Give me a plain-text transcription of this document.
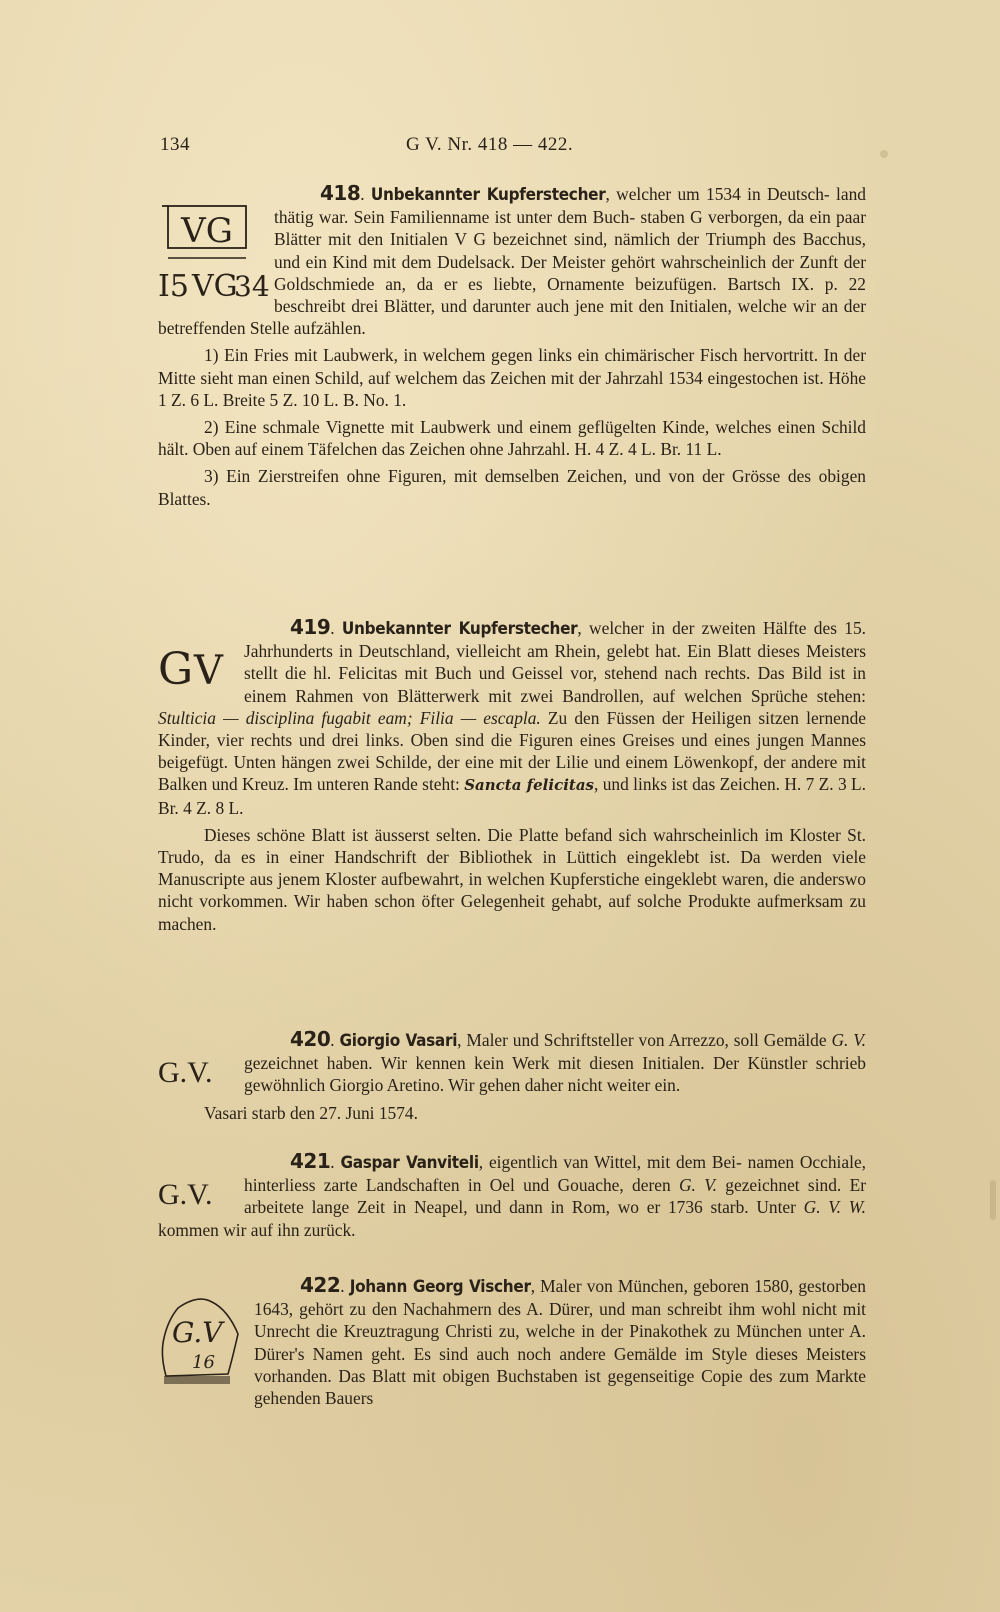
134	G V. Nr. 418 — 422.
VG
I5 VG
34

418. Unbekannter Kupferstecher, welcher um 1534 in Deutsch- land thätig war. Sein Familienname ist unter dem Buch- staben G verborgen, da ein paar Blätter mit den Initialen V G bezeichnet sind, nämlich der Triumph des Bacchus, und ein Kind mit dem Dudelsack. Der Meister gehört wahrscheinlich der Zunft der Goldschmiede an, da er es liebte, Ornamente beizufügen. Bartsch IX. p. 22 beschreibt drei Blätter, und darunter auch jene mit den Initialen, welche wir an der betreffenden Stelle aufzählen.

1) Ein Fries mit Laubwerk, in welchem gegen links ein chimärischer Fisch hervortritt. In der Mitte sieht man einen Schild, auf welchem das Zeichen mit der Jahrzahl 1534 eingestochen ist. Höhe 1 Z. 6 L. Breite 5 Z. 10 L. B. No. 1.

2) Eine schmale Vignette mit Laubwerk und einem geflügelten Kinde, welches einen Schild hält. Oben auf einem Täfelchen das Zeichen ohne Jahrzahl. H. 4 Z. 4 L. Br. 11 L.

3) Ein Zierstreifen ohne Figuren, mit demselben Zeichen, und von der Grösse des obigen Blattes.

G V

419. Unbekannter Kupferstecher, welcher in der zweiten Hälfte des 15. Jahrhunderts in Deutschland, vielleicht am Rhein, gelebt hat. Ein Blatt dieses Meisters stellt die hl. Felicitas mit Buch und Geissel vor, stehend nach rechts. Das Bild ist in einem Rahmen von Blätterwerk mit zwei Bandrollen, auf welchen Sprüche stehen: Stulticia — disciplina fugabit eam; Filia — escapla. Zu den Füssen der Heiligen sitzen lernende Kinder, vier rechts und drei links. Oben sind die Figuren eines Greises und eines jungen Mannes beigefügt. Unten hängen zwei Schilde, der eine mit der Lilie und einem Löwenkopf, der andere mit Balken und Kreuz. Im unteren Rande steht: Sancta felicitas, und links ist das Zeichen. H. 7 Z. 3 L. Br. 4 Z. 8 L.

Dieses schöne Blatt ist äusserst selten. Die Platte befand sich wahrscheinlich im Kloster St. Trudo, da es in einer Handschrift der Bibliothek in Lüttich eingeklebt ist. Da werden viele Manuscripte aus jenem Kloster aufbewahrt, in welchen Kupferstiche eingeklebt waren, die anderswo nicht vorkommen. Wir haben schon öfter Gelegenheit gehabt, auf solche Produkte aufmerksam zu machen.

G.V.

420. Giorgio Vasari, Maler und Schriftsteller von Arrezzo, soll Gemälde G. V. gezeichnet haben. Wir kennen kein Werk mit diesen Initialen. Der Künstler schrieb gewöhnlich Giorgio Aretino. Wir gehen daher nicht weiter ein.

Vasari starb den 27. Juni 1574.

G.V.

421. Gaspar Vanviteli, eigentlich van Wittel, mit dem Bei- namen Occhiale, hinterliess zarte Landschaften in Oel und Gouache, deren G. V. gezeichnet sind. Er arbeitete lange Zeit in Neapel, und dann in Rom, wo er 1736 starb. Unter G. V. W. kommen wir auf ihn zurück.

G.V
16

422. Johann Georg Vischer, Maler von München, geboren 1580, gestorben 1643, gehört zu den Nachahmern des A. Dürer, und man schreibt ihm wohl nicht mit Unrecht die Kreuztragung Christi zu, welche in der Pinakothek zu München unter A. Dürer's Namen geht. Es sind auch noch andere Gemälde im Style dieses Meisters vorhanden. Das Blatt mit obigen Buchstaben ist gegenseitige Copie des zum Markte gehenden Bauers
